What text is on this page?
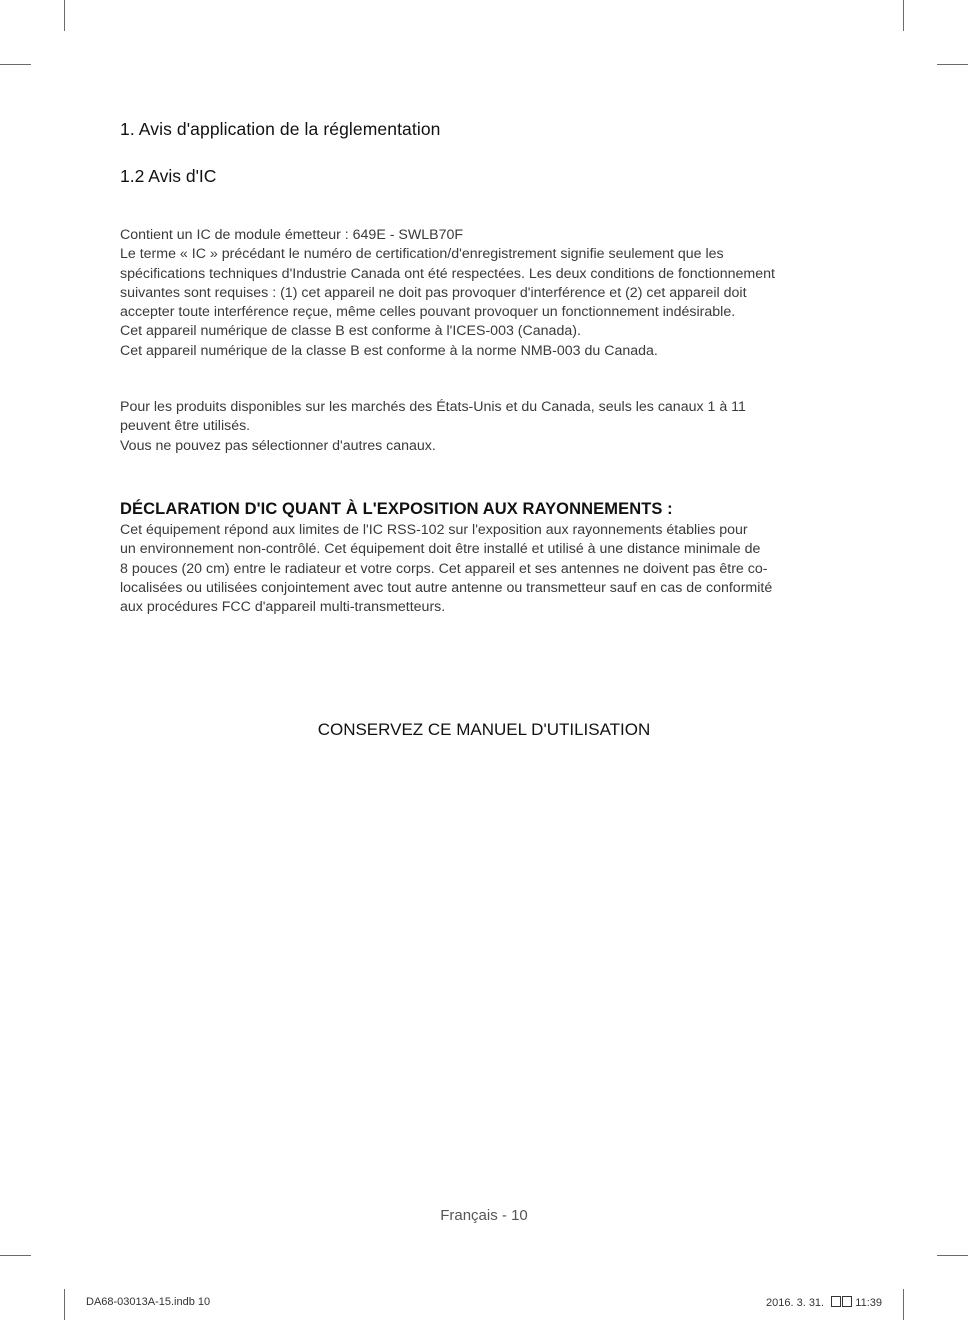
1. Avis d'application de la réglementation
1.2 Avis d'IC

Contient un IC de module émetteur : 649E - SWLB70F
Le terme « IC » précédant le numéro de certification/d'enregistrement signifie seulement que les
spécifications techniques d'Industrie Canada ont été respectées. Les deux conditions de fonctionnement
suivantes sont requises : (1) cet appareil ne doit pas provoquer d'interférence et (2) cet appareil doit
accepter toute interférence reçue, même celles pouvant provoquer un fonctionnement indésirable.
Cet appareil numérique de classe B est conforme à l'ICES-003 (Canada).
Cet appareil numérique de la classe B est conforme à la norme NMB-003 du Canada.

Pour les produits disponibles sur les marchés des États-Unis et du Canada, seuls les canaux 1 à 11
peuvent être utilisés.
Vous ne pouvez pas sélectionner d'autres canaux.

DÉCLARATION D'IC QUANT À L'EXPOSITION AUX RAYONNEMENTS :

Cet équipement répond aux limites de l'IC RSS-102 sur l'exposition aux rayonnements établies pour
un environnement non-contrôlé. Cet équipement doit être installé et utilisé à une distance minimale de
8 pouces (20 cm) entre le radiateur et votre corps. Cet appareil et ses antennes ne doivent pas être co-
localisées ou utilisées conjointement avec tout autre antenne ou transmetteur sauf en cas de conformité
aux procédures FCC d'appareil multi-transmetteurs.

CONSERVEZ CE MANUEL D'UTILISATION

Français - 10
DA68-03013A-15.indb 10	2016. 3. 31.	11:39
